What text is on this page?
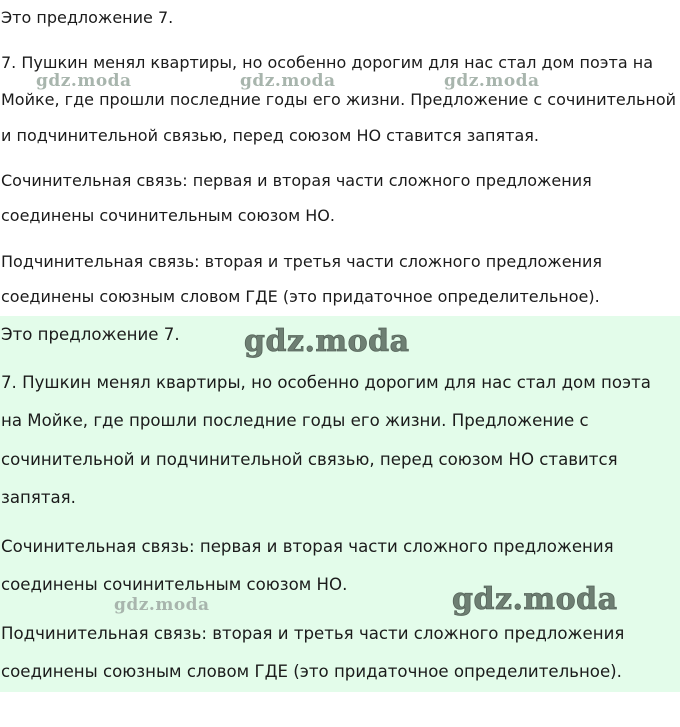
Это предложение 7.
7. Пушкин менял квартиры, но особенно дорогим для нас стал дом поэта на
Мойке, где прошли последние годы его жизни. Предложение с сочинительной
и подчинительной связью, перед союзом НО ставится запятая.
Сочинительная связь: первая и вторая части сложного предложения
соединены сочинительным союзом НО.
Подчинительная связь: вторая и третья части сложного предложения
соединены союзным словом ГДЕ (это придаточное определительное).
Это предложение 7.
7. Пушкин менял квартиры, но особенно дорогим для нас стал дом поэта
на Мойке, где прошли последние годы его жизни. Предложение с
сочинительной и подчинительной связью, перед союзом НО ставится
запятая.
Сочинительная связь: первая и вторая части сложного предложения
соединены сочинительным союзом НО.
Подчинительная связь: вторая и третья части сложного предложения
соединены союзным словом ГДЕ (это придаточное определительное).
gdz.moda	gdz.moda	gdz.moda
gdz.moda
gdz.moda	gdz.moda
